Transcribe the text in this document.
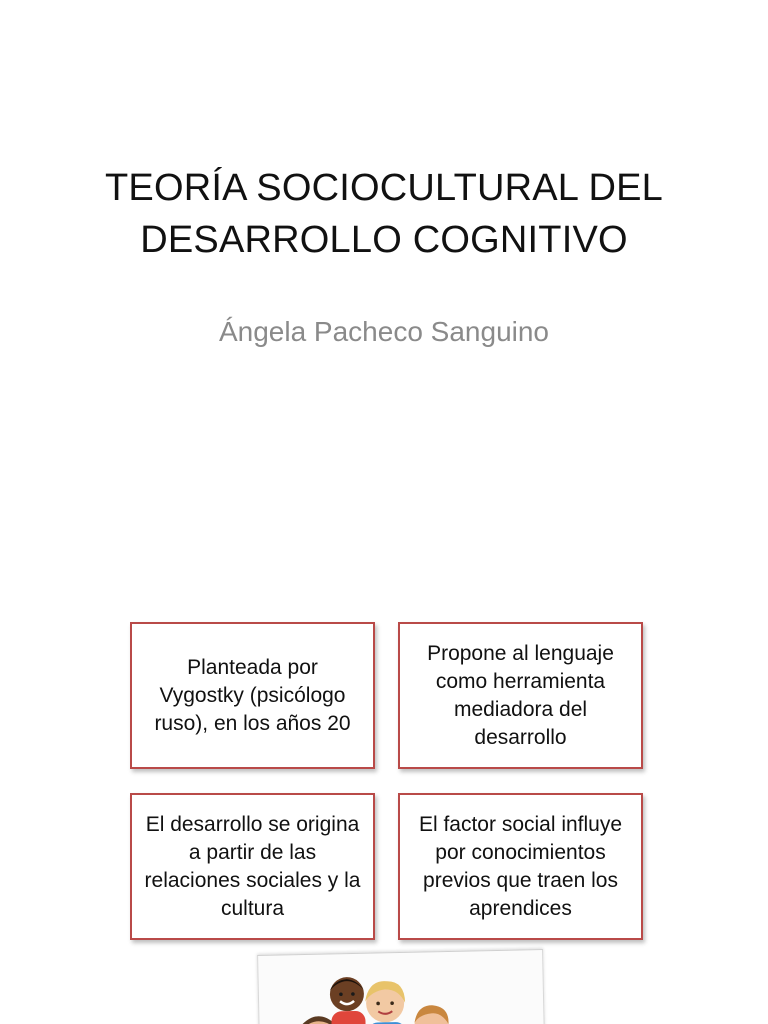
TEORÍA SOCIOCULTURAL DEL
DESARROLLO COGNITIVO
Ángela Pacheco Sanguino
Planteada por Vygostky (psicólogo ruso), en los años 20
Propone al lenguaje como herramienta mediadora del desarrollo
El desarrollo se origina a partir de las relaciones sociales y la cultura
El factor social influye por conocimientos previos que traen los aprendices
